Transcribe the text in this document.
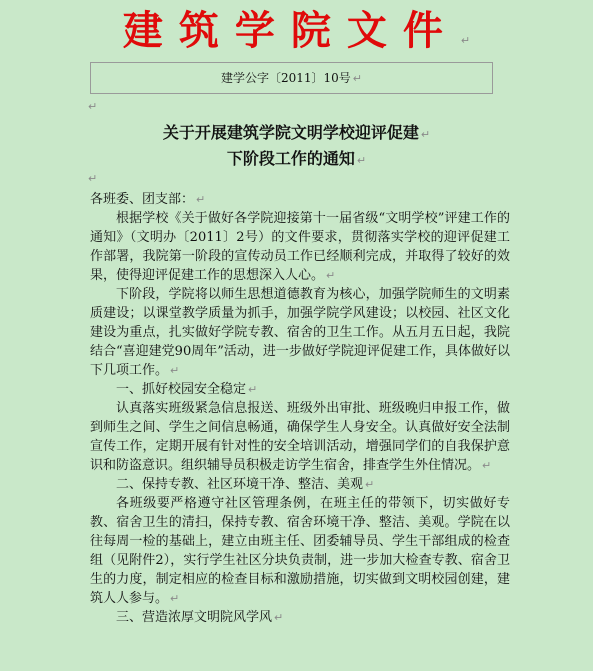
建筑学院文件 ↵
建学公字〔2011〕10号 ↵
↵
关于开展建筑学院文明学校迎评促建 ↵
下阶段工作的通知 ↵
↵

各班委、团支部： ↵

根据学校《关于做好各学院迎接第十一届省级“文明学校”评建工作的通知》（文明办〔2011〕2号）的文件要求，贯彻落实学校的迎评促建工作部署，我院第一阶段的宣传动员工作已经顺利完成，并取得了较好的效果，使得迎评促建工作的思想深入人心。 ↵

下阶段，学院将以师生思想道德教育为核心，加强学院师生的文明素质建设；以课堂教学质量为抓手，加强学院学风建设；以校园、社区文化建设为重点，扎实做好学院专教、宿舍的卫生工作。从五月五日起，我院结合“喜迎建党90周年”活动，进一步做好学院迎评促建工作，具体做好以下几项工作。 ↵

一、抓好校园安全稳定 ↵

认真落实班级紧急信息报送、班级外出审批、班级晚归申报工作，做到师生之间、学生之间信息畅通，确保学生人身安全。认真做好安全法制宣传工作，定期开展有针对性的安全培训活动，增强同学们的自我保护意识和防盗意识。组织辅导员积极走访学生宿舍，排查学生外住情况。 ↵

二、保持专教、社区环境干净、整洁、美观 ↵

各班级要严格遵守社区管理条例，在班主任的带领下，切实做好专教、宿舍卫生的清扫，保持专教、宿舍环境干净、整洁、美观。学院在以往每周一检的基础上，建立由班主任、团委辅导员、学生干部组成的检查组（见附件2），实行学生社区分块负责制，进一步加大检查专教、宿舍卫生的力度，制定相应的检查目标和激励措施，切实做到文明校园创建，建筑人人参与。 ↵

三、营造浓厚文明院风学风 ↵
